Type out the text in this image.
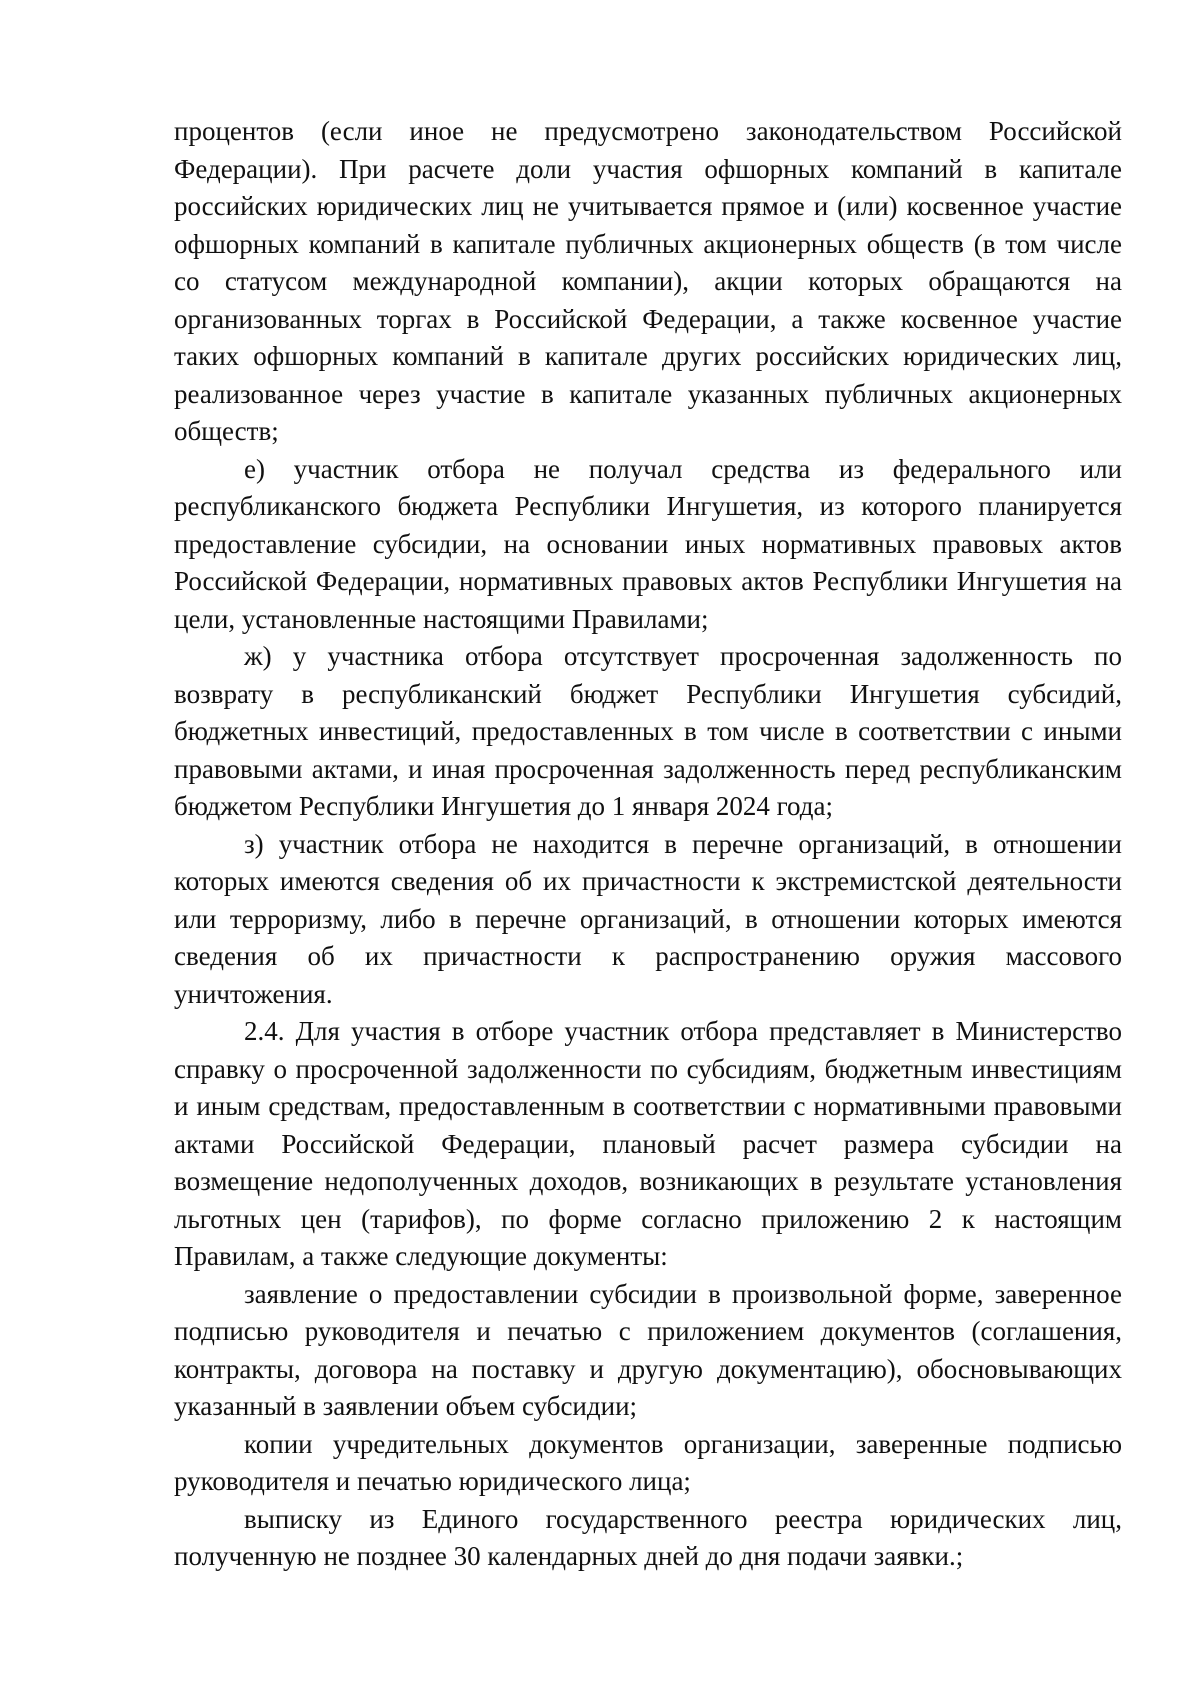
процентов (если иное не предусмотрено законодательством Российской Федерации). При расчете доли участия офшорных компаний в капитале российских юридических лиц не учитывается прямое и (или) косвенное участие офшорных компаний в капитале публичных акционерных обществ (в том числе со статусом международной компании), акции которых обращаются на организованных торгах в Российской Федерации, а также косвенное участие таких офшорных компаний в капитале других российских юридических лиц, реализованное через участие в капитале указанных публичных акционерных обществ;

е) участник отбора не получал средства из федерального или республиканского бюджета Республики Ингушетия, из которого планируется предоставление субсидии, на основании иных нормативных правовых актов Российской Федерации, нормативных правовых актов Республики Ингушетия на цели, установленные настоящими Правилами;

ж) у участника отбора отсутствует просроченная задолженность по возврату в республиканский бюджет Республики Ингушетия субсидий, бюджетных инвестиций, предоставленных в том числе в соответствии с иными правовыми актами, и иная просроченная задолженность перед республиканским бюджетом Республики Ингушетия до 1 января 2024 года;

з) участник отбора не находится в перечне организаций, в отношении которых имеются сведения об их причастности к экстремистской деятельности или терроризму, либо в перечне организаций, в отношении которых имеются сведения об их причастности к распространению оружия массового уничтожения.

2.4. Для участия в отборе участник отбора представляет в Министерство справку о просроченной задолженности по субсидиям, бюджетным инвестициям и иным средствам, предоставленным в соответствии с нормативными правовыми актами Российской Федерации, плановый расчет размера субсидии на возмещение недополученных доходов, возникающих в результате установления льготных цен (тарифов), по форме согласно приложению 2 к настоящим Правилам, а также следующие документы:

заявление о предоставлении субсидии в произвольной форме, заверенное подписью руководителя и печатью с приложением документов (соглашения, контракты, договора на поставку и другую документацию), обосновывающих указанный в заявлении объем субсидии;

копии учредительных документов организации, заверенные подписью руководителя и печатью юридического лица;

выписку из Единого государственного реестра юридических лиц, полученную не позднее 30 календарных дней до дня подачи заявки.;
